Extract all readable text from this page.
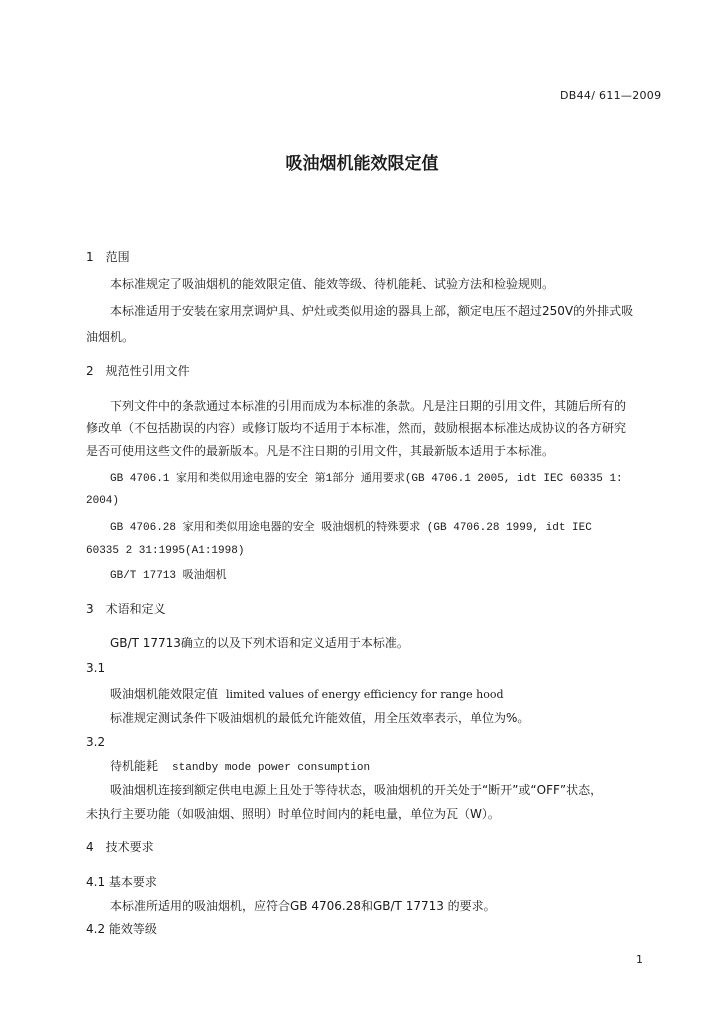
DB44/ 611—2009

吸油烟机能效限定值

1　范围

本标准规定了吸油烟机的能效限定值、能效等级、待机能耗、试验方法和检验规则。

本标准适用于安装在家用烹调炉具、炉灶或类似用途的器具上部，额定电压不超过250V的外排式吸

油烟机。

2　规范性引用文件

下列文件中的条款通过本标准的引用而成为本标准的条款。凡是注日期的引用文件，其随后所有的

修改单（不包括勘误的内容）或修订版均不适用于本标准，然而，鼓励根据本标准达成协议的各方研究

是否可使用这些文件的最新版本。凡是不注日期的引用文件，其最新版本适用于本标准。

GB 4706.1 家用和类似用途电器的安全 第1部分 通用要求(GB 4706.1 2005, idt IEC 60335 1:

2004)

GB 4706.28 家用和类似用途电器的安全 吸油烟机的特殊要求 (GB 4706.28 1999, idt IEC

60335 2 31:1995(A1:1998)

GB/T 17713 吸油烟机

3　术语和定义

GB/T 17713确立的以及下列术语和定义适用于本标准。

3.1

吸油烟机能效限定值 limited values of energy efficiency for range hood

标准规定测试条件下吸油烟机的最低允许能效值，用全压效率表示，单位为%。

3.2

待机能耗 standby mode power consumption

吸油烟机连接到额定供电电源上且处于等待状态，吸油烟机的开关处于“断开”或“OFF”状态，

未执行主要功能（如吸油烟、照明）时单位时间内的耗电量，单位为瓦（W）。

4　技术要求

4.1 基本要求

本标准所适用的吸油烟机，应符合GB 4706.28和GB/T 17713 的要求。

4.2 能效等级

1
